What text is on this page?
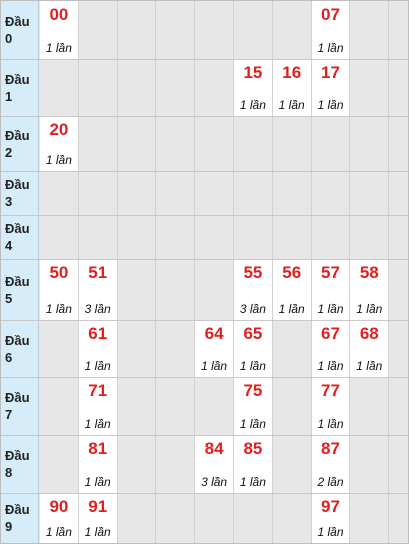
Đầu
0
00
1 lần
07
1 lần
Đầu
1
15
1 lần
16
1 lần
17
1 lần
Đầu
2
20
1 lần
Đầu
3
Đầu
4
Đầu
5
50
1 lần
51
3 lần
55
3 lần
56
1 lần
57
1 lần
58
1 lần
Đầu
6
61
1 lần
64
1 lần
65
1 lần
67
1 lần
68
1 lần
Đầu
7
71
1 lần
75
1 lần
77
1 lần
Đầu
8
81
1 lần
84
3 lần
85
1 lần
87
2 lần
Đầu
9
90
1 lần
91
1 lần
97
1 lần
